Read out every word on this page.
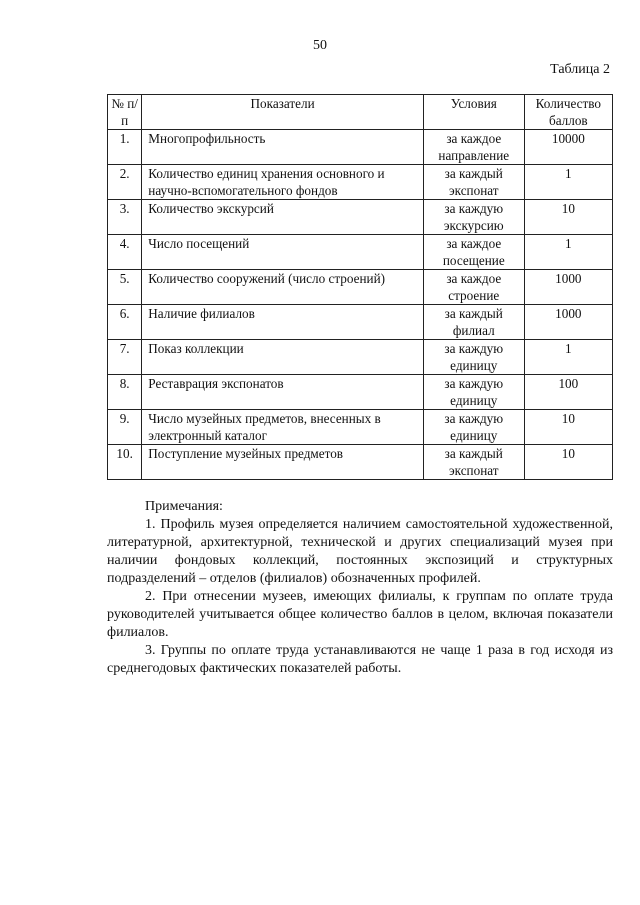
50
Таблица 2
№ п/п	Показатели	Условия	Количество баллов
1.	Многопрофильность	за каждое направление	10000
2.	Количество единиц хранения основного и научно-вспомогательного фондов	за каждый экспонат	1
3.	Количество экскурсий	за каждую экскурсию	10
4.	Число посещений	за каждое посещение	1
5.	Количество сооружений (число строений)	за каждое строение	1000
6.	Наличие филиалов	за каждый филиал	1000
7.	Показ коллекции	за каждую единицу	1
8.	Реставрация экспонатов	за каждую единицу	100
9.	Число музейных предметов, внесенных в электронный каталог	за каждую единицу	10
10.	Поступление музейных предметов	за каждый экспонат	10
Примечания:

1. Профиль музея определяется наличием самостоятельной художественной, литературной, архитектурной, технической и других специализаций музея при наличии фондовых коллекций, постоянных экспозиций и структурных подразделений – отделов (филиалов) обозначенных профилей.

2. При отнесении музеев, имеющих филиалы, к группам по оплате труда руководителей учитывается общее количество баллов в целом, включая показатели филиалов.

3. Группы по оплате труда устанавливаются не чаще 1 раза в год исходя из среднегодовых фактических показателей работы.
